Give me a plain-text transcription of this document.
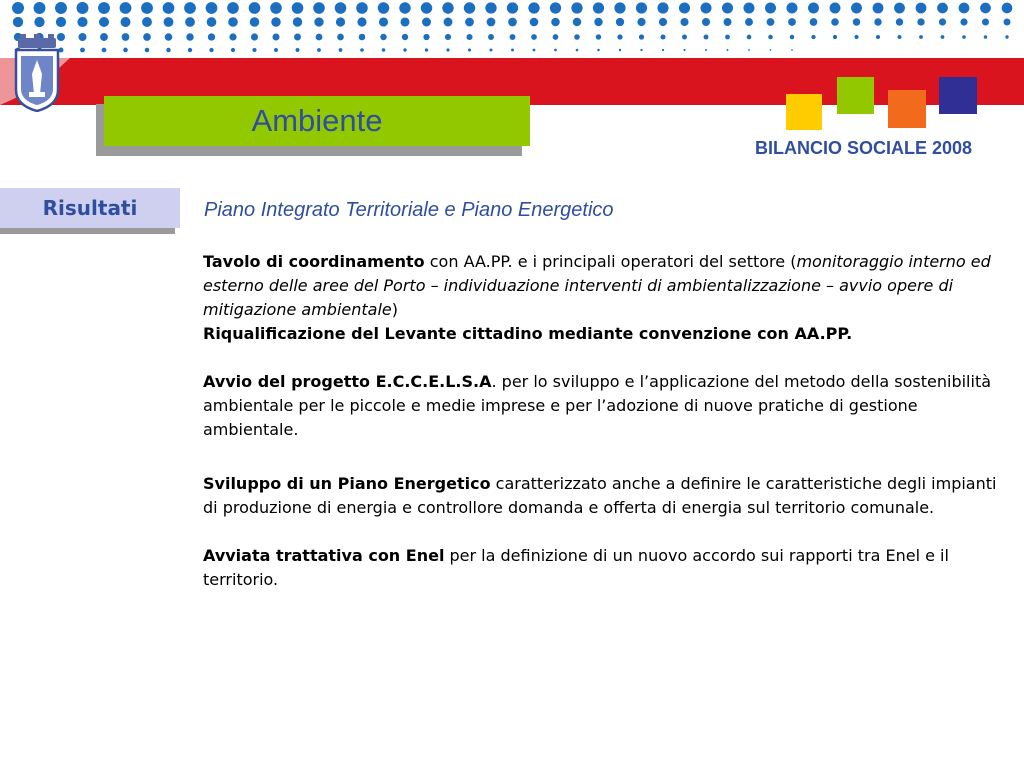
Ambiente
BILANCIO SOCIALE 2008
Risultati	Piano Integrato Territoriale e Piano Energetico

Tavolo di coordinamento con AA.PP. e i principali operatori del settore (monitoraggio interno ed esterno delle aree del Porto – individuazione interventi di ambientalizzazione – avvio opere di mitigazione ambientale)

Riqualificazione del Levante cittadino mediante convenzione con AA.PP.

Avvio del progetto E.C.C.E.L.S.A. per lo sviluppo e l’applicazione del metodo della sostenibilità ambientale per le piccole e medie imprese e per l’adozione di nuove pratiche di gestione ambientale.

Sviluppo di un Piano Energetico caratterizzato anche a definire le caratteristiche degli impianti di produzione di energia e controllore domanda e offerta di energia sul territorio comunale.

Avviata trattativa con Enel per la definizione di un nuovo accordo sui rapporti tra Enel e il territorio.
